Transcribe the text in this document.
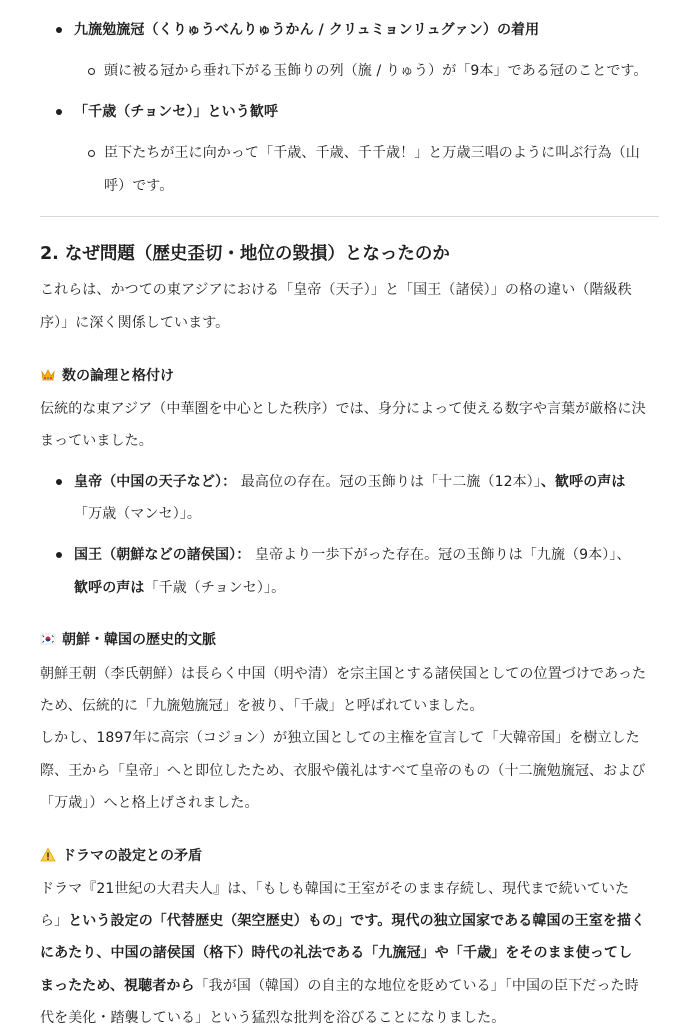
九旒勉旒冠（くりゅうべんりゅうかん / クリュミョンリュグァン）の着用
頭に被る冠から垂れ下がる玉飾りの列（旒 / りゅう）が「9本」である冠のことです。
「千歳（チョンセ）」という歓呼
臣下たちが王に向かって「千歳、千歳、千千歳！」と万歳三唱のように叫ぶ行為（山
呼）です。
2. なぜ問題（歴史歪切・地位の毀損）となったのか
これらは、かつての東アジアにおける「皇帝（天子）」と「国王（諸侯）」の格の違い（階級秩
序）」に深く関係しています。
数の論理と格付け
伝統的な東アジア（中華圏を中心とした秩序）では、身分によって使える数字や言葉が厳格に決
まっていました。
皇帝（中国の天子など）： 最高位の存在。冠の玉飾りは「十二旒（12本）」、歓呼の声は
「万歳（マンセ）」。
国王（朝鮮などの諸侯国）： 皇帝より一歩下がった存在。冠の玉飾りは「九旒（9本）」、
歓呼の声は「千歳（チョンセ）」。
朝鮮・韓国の歴史的文脈
朝鮮王朝（李氏朝鮮）は長らく中国（明や清）を宗主国とする諸侯国としての位置づけであった
ため、伝統的に「九旒勉旒冠」を被り、「千歳」と呼ばれていました。
しかし、1897年に高宗（コジョン）が独立国としての主権を宣言して「大韓帝国」を樹立した
際、王から「皇帝」へと即位したため、衣服や儀礼はすべて皇帝のもの（十二旒勉旒冠、および
「万歳」）へと格上げされました。
ドラマの設定との矛盾
ドラマ『21世紀の大君夫人』は、「もしも韓国に王室がそのまま存続し、現代まで続いていた
ら」という設定の「代替歴史（架空歴史）もの」です。現代の独立国家である韓国の王室を描く
にあたり、中国の諸侯国（格下）時代の礼法である「九旒冠」や「千歳」をそのまま使ってし
まったため、視聴者から「我が国（韓国）の自主的な地位を貶めている」「中国の臣下だった時
代を美化・踏襲している」という猛烈な批判を浴びることになりました。
